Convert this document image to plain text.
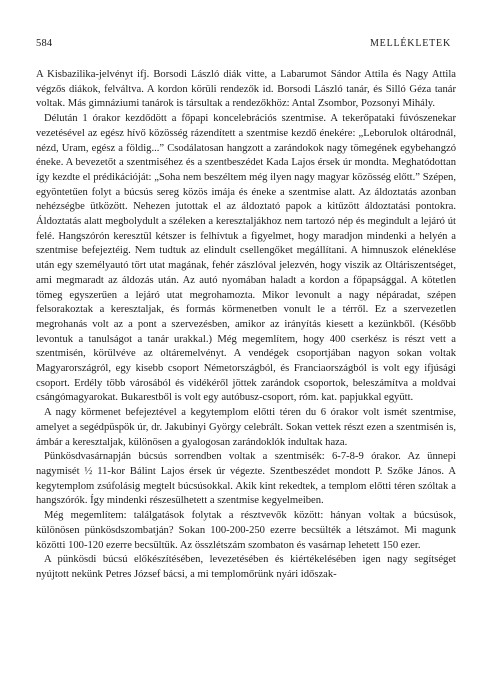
584	MELLÉKLETEK

A Kisbazilika-jelvényt ifj. Borsodi László diák vitte, a Labarumot Sándor Attila és Nagy Attila végzős diákok, felváltva. A kordon körüli rendezők id. Borsodi László tanár, és Silló Géza tanár voltak. Más gimnáziumi tanárok is társultak a rendezőkhöz: Antal Zsombor, Pozsonyi Mihály.

Délután 1 órakor kezdődött a főpapi koncelebrációs szentmise. A tekerőpataki fúvószenekar vezetésével az egész hívő közösség rázendített a szentmise kezdő énekére: „Leborulok oltárodnál, nézd, Uram, egész a földig...” Csodálatosan hangzott a zarándokok nagy tömegének egybehangzó éneke. A bevezetőt a szentmiséhez és a szentbeszédet Kada Lajos érsek úr mondta. Meghatódottan így kezdte el prédikációját: „Soha nem beszéltem még ilyen nagy magyar közösség előtt.” Szépen, egyöntetűen folyt a búcsús sereg közös imája és éneke a szentmise alatt. Az áldoztatás azonban nehézségbe ütközött. Nehezen jutottak el az áldoztató papok a kitűzött áldoztatási pontokra. Áldoztatás alatt megbolydult a széleken a keresztaljákhoz nem tartozó nép és megindult a lejáró út felé. Hangszórón keresztül kétszer is felhívtuk a figyelmet, hogy maradjon mindenki a helyén a szentmise befejeztéig. Nem tudtuk az elindult csellengőket megállítani. A himnuszok eléneklése után egy személyautó tört utat magának, fehér zászlóval jelezvén, hogy viszik az Oltáriszentséget, ami megmaradt az áldozás után. Az autó nyomában haladt a kordon a főpapsággal. A kötetlen tömeg egyszerűen a lejáró utat megrohamozta. Mikor levonult a nagy népáradat, szépen felsorakoztak a keresztaljak, és formás körmenetben vonult le a térről. Ez a szervezetlen megrohanás volt az a pont a szervezésben, amikor az irányítás kiesett a kezünkből. (Később levontuk a tanulságot a tanár urakkal.) Még megemlítem, hogy 400 cserkész is részt vett a szentmisén, körülvéve az oltáremelvényt. A vendégek csoportjában nagyon sokan voltak Magyarországról, egy kisebb csoport Németországból, és Franciaországból is volt egy ifjúsági csoport. Erdély több városából és vidékéről jöttek zarándok csoportok, beleszámítva a moldvai csángómagyarokat. Bukarestből is volt egy autóbusz-csoport, róm. kat. papjukkal együtt.

A nagy körmenet befejeztével a kegytemplom előtti téren du 6 órakor volt ismét szentmise, amelyet a segédpüspök úr, dr. Jakubinyi György celebrált. Sokan vettek részt ezen a szentmisén is, ámbár a keresztaljak, különösen a gyalogosan zarándoklók indultak haza.

Pünkösdvasárnapján búcsús sorrendben voltak a szentmisék: 6-7-8-9 órakor. Az ünnepi nagymisét ½ 11-kor Bálint Lajos érsek úr végezte. Szentbeszédet mondott P. Szőke János. A kegytemplom zsúfolásig megtelt búcsúsokkal. Akik kint rekedtek, a templom előtti téren szóltak a hangszórók. Így mindenki részesülhetett a szentmise kegyelmeiben.

Még megemlítem: találgatások folytak a résztvevők között: hányan voltak a búcsúsok, különösen pünkösdszombatján? Sokan 100-200-250 ezerre becsülték a létszámot. Mi magunk közötti 100-120 ezerre becsültük. Az összlétszám szombaton és vasárnap lehetett 150 ezer.

A pünkösdi búcsú előkészítésében, levezetésében és kiértékelésében igen nagy segítséget nyújtott nekünk Petres József bácsi, a mi templomőrünk nyári időszak-
